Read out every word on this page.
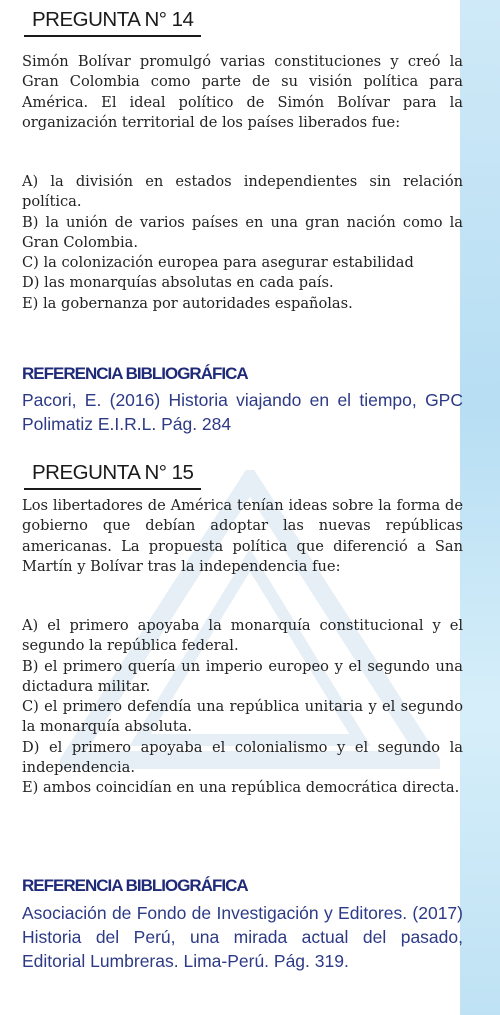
PREGUNTA N° 14

Simón Bolívar promulgó varias constituciones y creó la Gran Colombia como parte de su visión política para América. El ideal político de Simón Bolívar para la organización territorial de los países liberados fue:

A) la división en estados independientes sin relación política.

B) la unión de varios países en una gran nación como la Gran Colombia.

C) la colonización europea para asegurar estabilidad

D) las monarquías absolutas en cada país.

E) la gobernanza por autoridades españolas.

REFERENCIA BIBLIOGRÁFICA

Pacori, E. (2016) Historia viajando en el tiempo, GPC Polimatiz E.I.R.L. Pág. 284

PREGUNTA N° 15

Los libertadores de América tenían ideas sobre la forma de gobierno que debían adoptar las nuevas repúblicas americanas. La propuesta política que diferenció a San Martín y Bolívar tras la independencia fue:

A) el primero apoyaba la monarquía constitucional y el segundo la república federal.

B) el primero quería un imperio europeo y el segundo una dictadura militar.

C) el primero defendía una república unitaria y el segundo la monarquía absoluta.

D) el primero apoyaba el colonialismo y el segundo la independencia.

E) ambos coincidían en una república democrática directa.

REFERENCIA BIBLIOGRÁFICA

Asociación de Fondo de Investigación y Editores. (2017) Historia del Perú, una mirada actual del pasado, Editorial Lumbreras. Lima-Perú. Pág. 319.
